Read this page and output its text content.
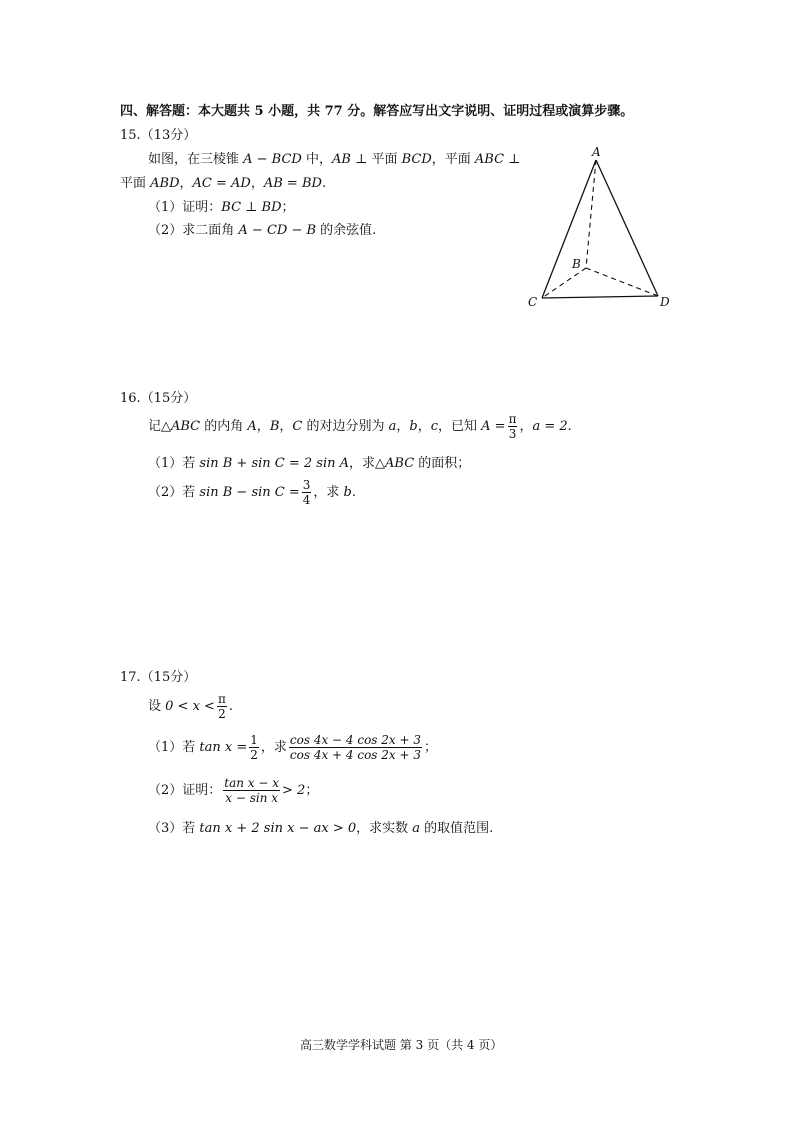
四、解答题：本大题共 5 小题，共 77 分。解答应写出文字说明、证明过程或演算步骤。
15.（13分）
如图，在三棱锥 A − BCD 中，AB ⊥ 平面 BCD，平面 ABC ⊥
平面 ABD，AC = AD，AB = BD.
（1）证明：BC ⊥ BD；
（2）求二面角 A − CD − B 的余弦值.
A
B
C	D
16.（15分）
记△ABC 的内角 A，B，C 的对边分别为 a，b，c，已知 $A = \frac{\pi}{3}$ ，a = 2.
（1）若 sin B + sin C = 2 sin A，求△ABC 的面积；
（2）若 $\sin B - \sin C = \frac{3}{4}$ ，求 b.
17.（15分）
设 $0 < x < \frac{\pi}{2}$ .
（1）若 $\tan x = \frac{1}{2}$ ，求 $\frac{\cos 4x - 4 \cos 2x + 3}{\cos 4x + 4 \cos 2x + 3}$ ；
（2）证明： $\frac{\text{tan x − x}}{\text{x − sin x}} > 2$；
（3）若 tan x + 2 sin x − ax > 0，求实数 a 的取值范围.
高三数学学科试题 第 3 页（共 4 页）
